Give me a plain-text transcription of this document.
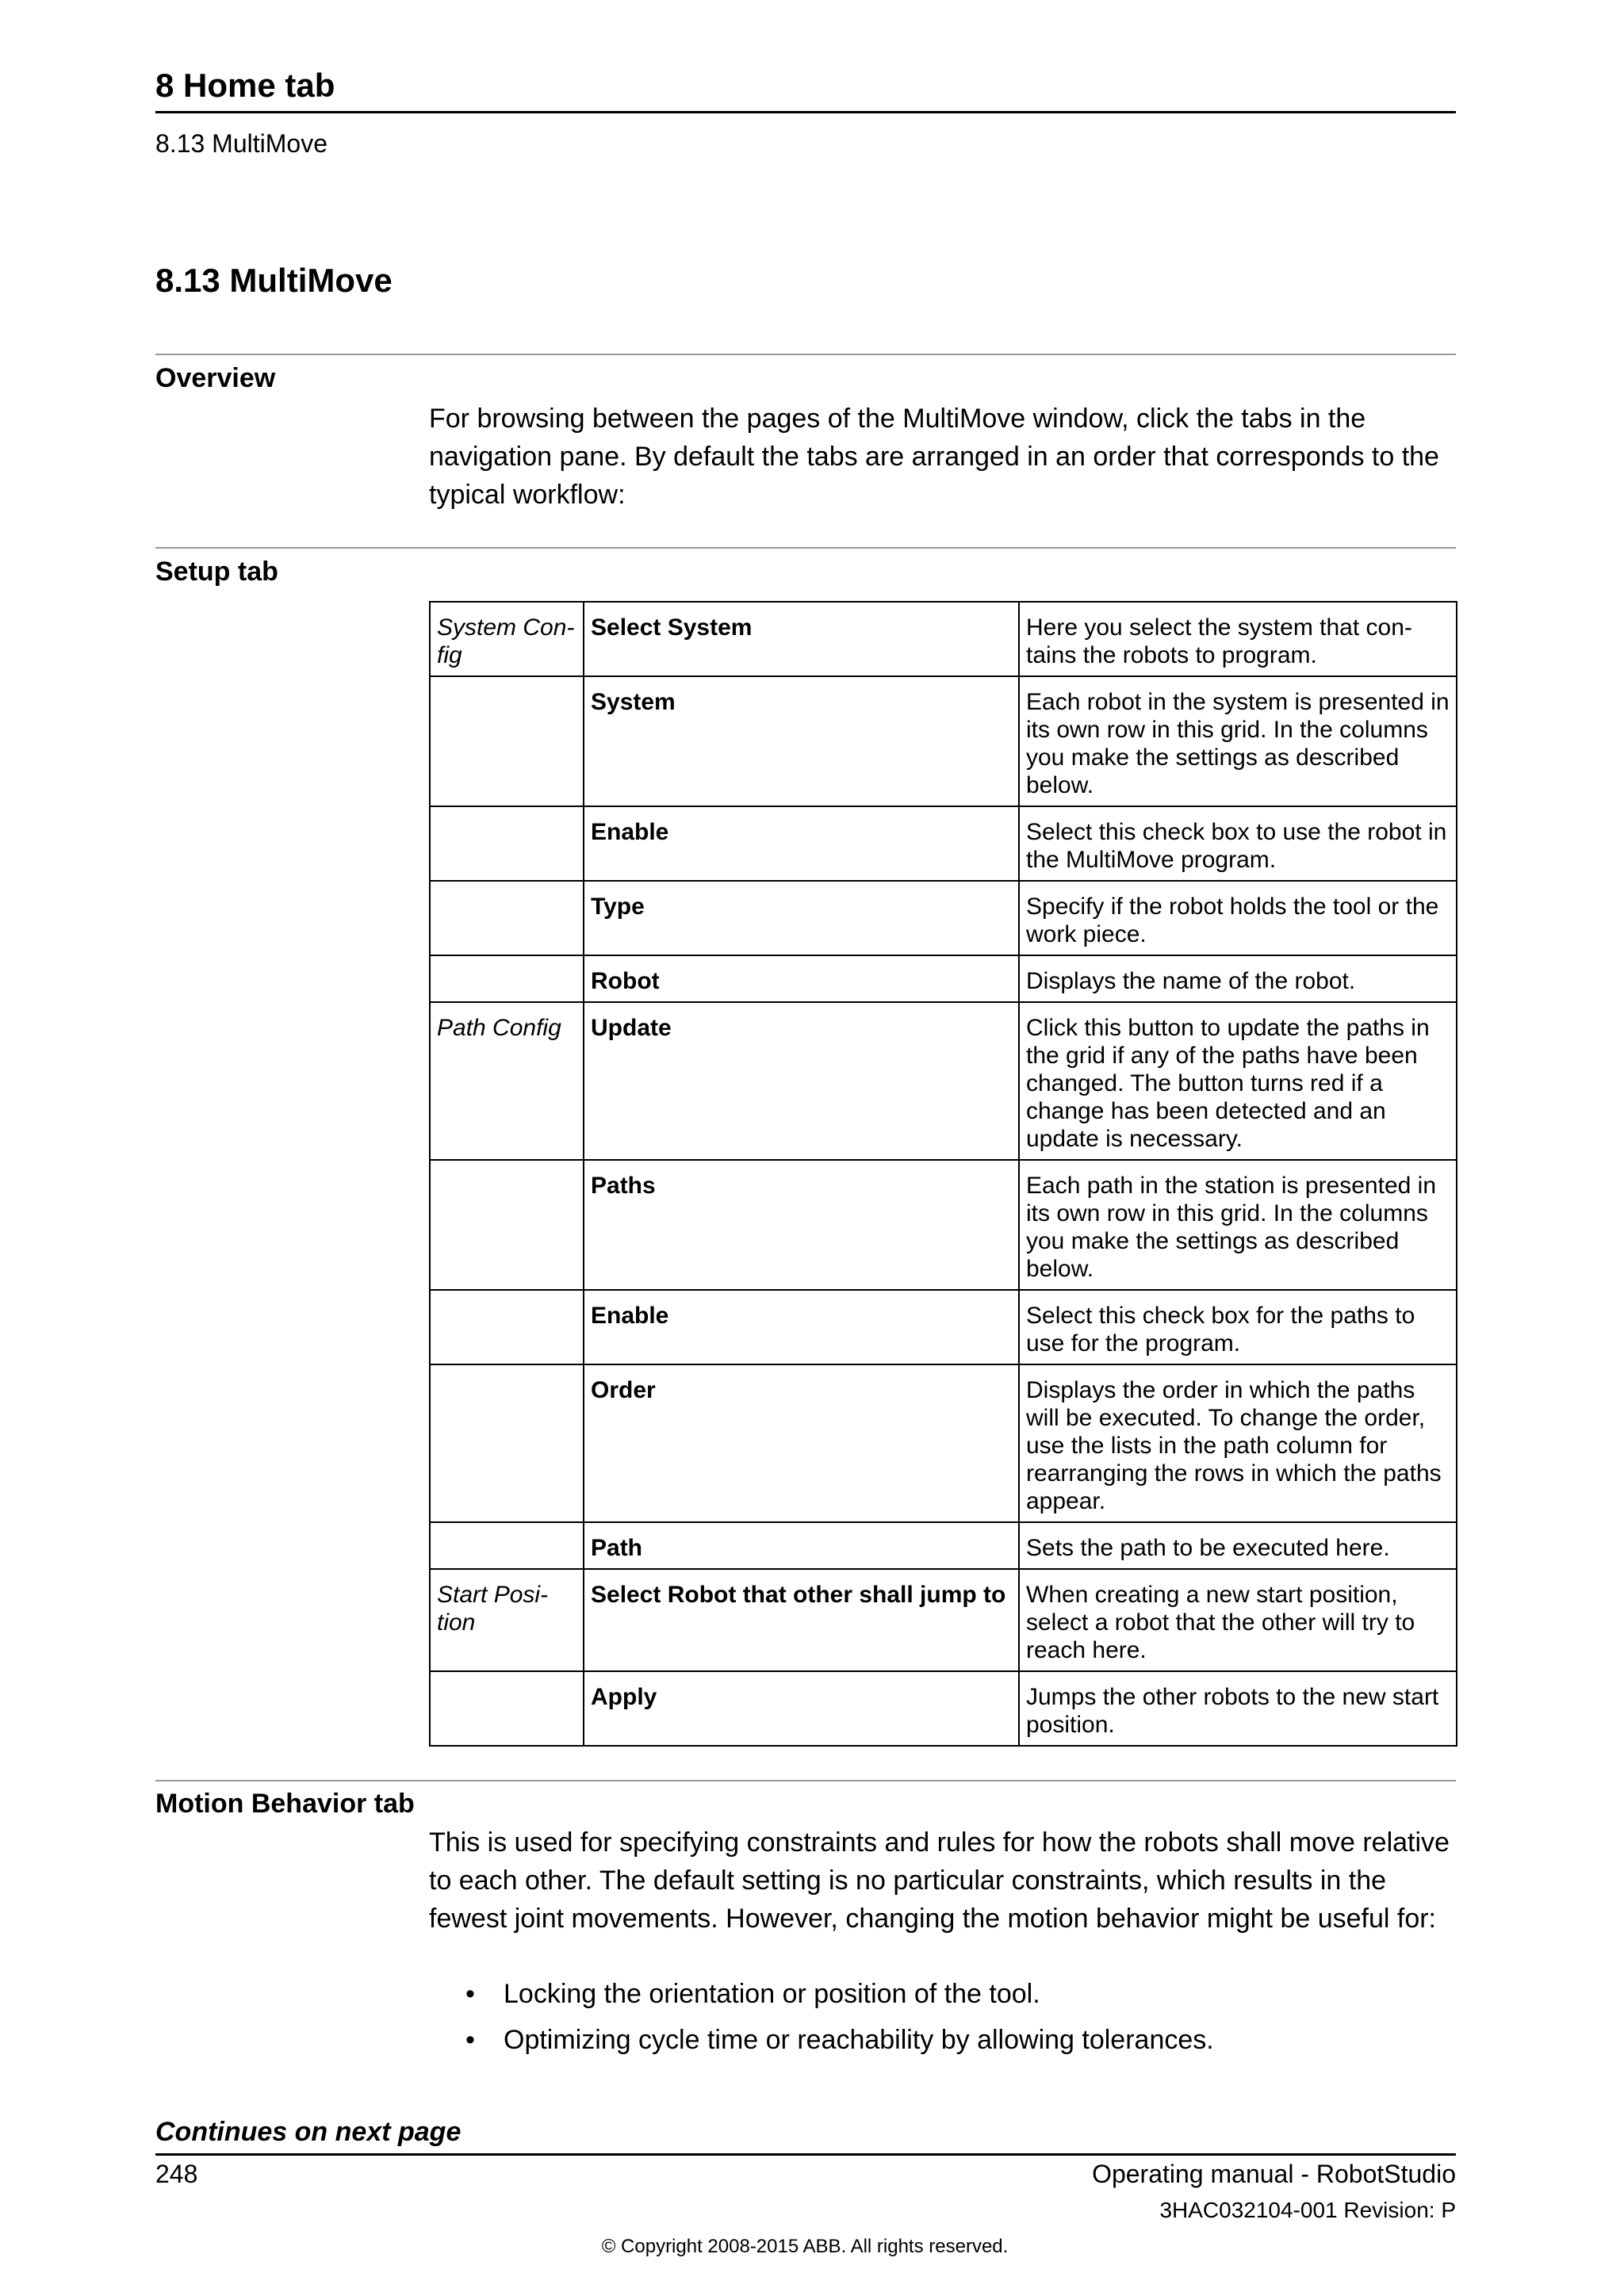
8 Home tab
8.13 MultiMove
8.13 MultiMove
Overview
For browsing between the pages of the MultiMove window, click the tabs in the navigation pane. By default the tabs are arranged in an order that corresponds to the typical workflow:
Setup tab
System Con-fig	Select System	Here you select the system that con-tains the robots to program.
	System	Each robot in the system is presented in its own row in this grid. In the columns you make the settings as described below.
	Enable	Select this check box to use the robot in the MultiMove program.
	Type	Specify if the robot holds the tool or the work piece.
	Robot	Displays the name of the robot.
Path Config	Update	Click this button to update the paths in the grid if any of the paths have been changed. The button turns red if a change has been detected and an update is necessary.
	Paths	Each path in the station is presented in its own row in this grid. In the columns you make the settings as described below.
	Enable	Select this check box for the paths to use for the program.
	Order	Displays the order in which the paths will be executed. To change the order, use the lists in the path column for rearranging the rows in which the paths appear.
	Path	Sets the path to be executed here.
Start Posi-tion	Select Robot that other shall jump to	When creating a new start position, select a robot that the other will try to reach here.
	Apply	Jumps the other robots to the new start position.
Motion Behavior tab
This is used for specifying constraints and rules for how the robots shall move relative to each other. The default setting is no particular constraints, which results in the fewest joint movements. However, changing the motion behavior might be useful for:
• Locking the orientation or position of the tool.
• Optimizing cycle time or reachability by allowing tolerances.
Continues on next page
248	Operating manual - RobotStudio
3HAC032104-001 Revision: P
© Copyright 2008-2015 ABB. All rights reserved.
